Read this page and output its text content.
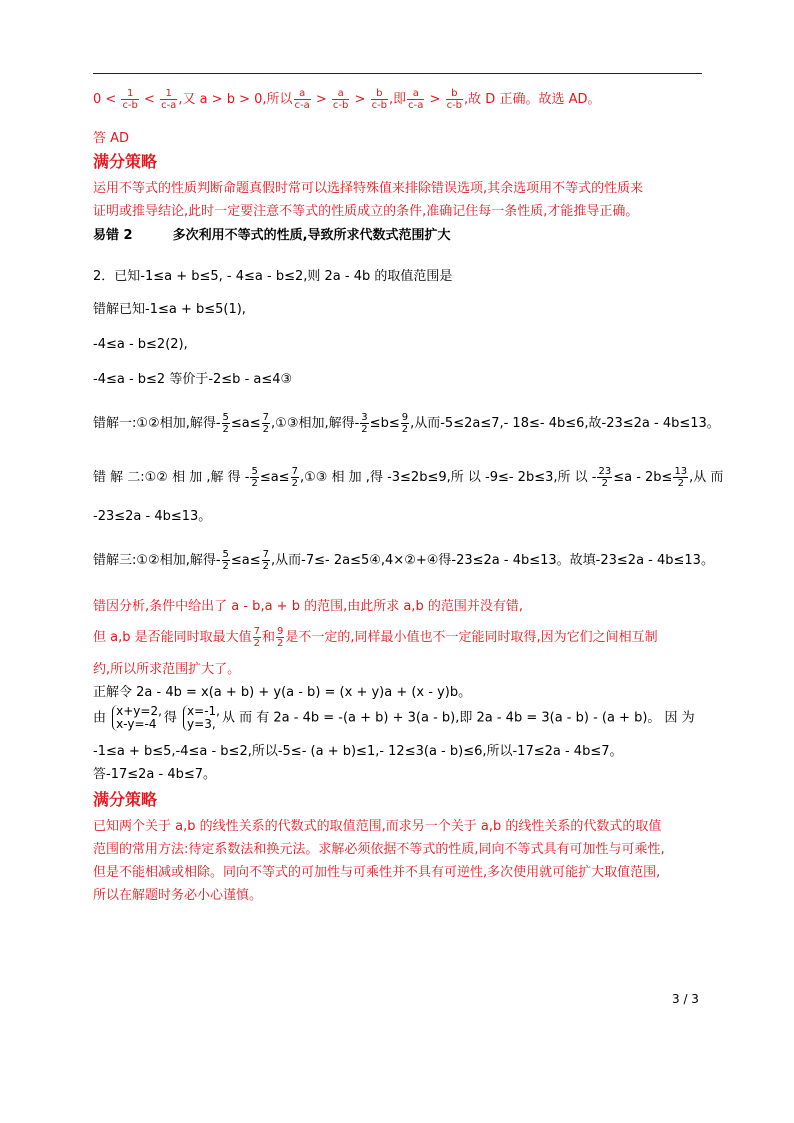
$0 < \frac{1}{c-b} < \frac{1}{c-a}$ ,又 a > b > 0,所以 $\frac{a}{c-a} > \frac{a}{c-b} > \frac{b}{c-b}$ ,即 $\frac{a}{c-a} > \frac{b}{c-b}$ ,故 D 正确。故选 AD。
答 AD
满分策略
运用不等式的性质判断命题真假时常可以选择特殊值来排除错误选项,其余选项用不等式的性质来
证明或推导结论,此时一定要注意不等式的性质成立的条件,准确记住每一条性质,才能推导正确。
易错 2	多次利用不等式的性质,导致所求代数式范围扩大
2．已知-1≤a + b≤5, - 4≤a - b≤2,则 2a - 4b 的取值范围是
错解已知-1≤a + b≤5(1),
-4≤a - b≤2(2),
-4≤a - b≤2 等价于-2≤b - a≤4③
错解一:①②相加,解得- $\frac{5}{2} \le a\le \frac{7}{2}$ ,①③相加,解得- $\frac{3}{2} \le b\le \frac{9}{2}$ ,从而-5≤2a≤7,- 18≤- 4b≤6,故-23≤2a - 4b≤13。
错 解 二:①② 相 加 ,解 得 - $\frac{5}{2} \le a\le \frac{7}{2}$ ,①③ 相 加 ,得 -3≤2b≤9,所 以 -9≤- 2b≤3,所 以 - $\frac{23}{2} \le a - 2b\le \frac{13}{2}$ ,从 而
-23≤2a - 4b≤13。
错解三:①②相加,解得- $\frac{5}{2} \le a\le \frac{7}{2}$ ,从而-7≤- 2a≤5④,4×②+④得-23≤2a - 4b≤13。故填-23≤2a - 4b≤13。
错因分析,条件中给出了 a - b,a + b 的范围,由此所求 a,b 的范围并没有错,
但 a,b 是否能同时取最大值 $\frac{7}{2}$ 和 $\frac{9}{2}$ 是不一定的,同样最小值也不一定能同时取得,因为它们之间相互制
约,所以所求范围扩大了。
正解令 2a - 4b = x(a + b) + y(a - b) = (x + y)a + (x - y)b。
由 x+y=2,
x-y=-4 得 x=-1,
y=3, 从 而 有 2a - 4b = -(a + b) + 3(a - b),即 2a - 4b = 3(a - b) - (a + b)。 因 为
-1≤a + b≤5,-4≤a - b≤2,所以-5≤- (a + b)≤1,- 12≤3(a - b)≤6,所以-17≤2a - 4b≤7。
答-17≤2a - 4b≤7。
满分策略
已知两个关于 a,b 的线性关系的代数式的取值范围,而求另一个关于 a,b 的线性关系的代数式的取值
范围的常用方法:待定系数法和换元法。求解必须依据不等式的性质,同向不等式具有可加性与可乘性,
但是不能相减或相除。同向不等式的可加性与可乘性并不具有可逆性,多次使用就可能扩大取值范围,
所以在解题时务必小心谨慎。
3 / 3
